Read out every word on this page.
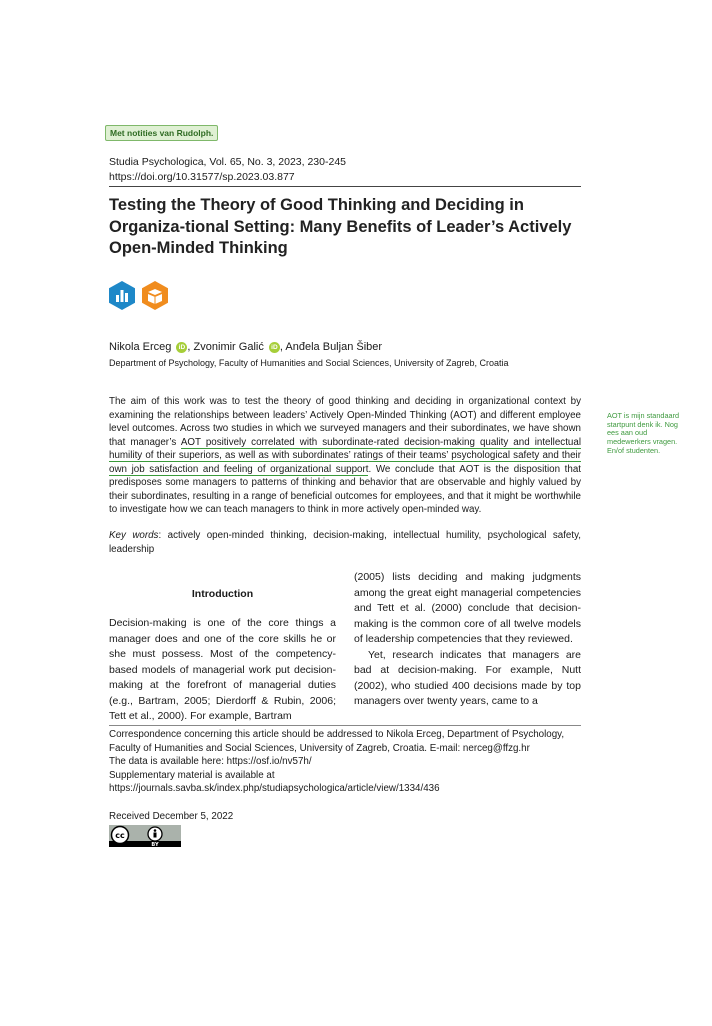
Met notities van Rudolph.
Studia Psychologica, Vol. 65, No. 3, 2023, 230-245
https://doi.org/10.31577/sp.2023.03.877
Testing the Theory of Good Thinking and Deciding in Organiza-tional Setting: Many Benefits of Leader’s Actively Open-Minded Thinking

Nikola Erceg iD , Zvonimir Galić iD , Anđela Buljan Šiber
Department of Psychology, Faculty of Humanities and Social Sciences, University of Zagreb, Croatia

The aim of this work was to test the theory of good thinking and deciding in organizational context by examining the relationships between leaders’ Actively Open-Minded Thinking (AOT) and different employee level outcomes. Across two studies in which we surveyed managers and their subordinates, we have shown that manager’s AOT positively correlated with subordinate-rated decision-making quality and intellectual humility of their superiors, as well as with subordinates’ ratings of their teams’ psychological safety and their own job satisfaction and feeling of organizational support. We conclude that AOT is the disposition that predisposes some managers to patterns of thinking and behavior that are observable and highly valued by their subordinates, resulting in a range of beneficial outcomes for employees, and that it might be worthwhile to investigate how we can teach managers to think in more actively open-minded way.

AOT is mijn standaard startpunt denk ik. Nog ees aan oud medewerkers vragen. En/of studenten.

Key words: actively open-minded thinking, decision-making, intellectual humility, psychological safety, leadership

Introduction

Decision-making is one of the core things a manager does and one of the core skills he or she must possess. Most of the competency-based models of managerial work put decision-making at the forefront of managerial duties (e.g., Bartram, 2005; Dierdorff & Rubin, 2006; Tett et al., 2000). For example, Bartram

(2005) lists deciding and making judgments among the great eight managerial competencies and Tett et al. (2000) conclude that decision-making is the common core of all twelve models of leadership competencies that they reviewed.

Yet, research indicates that managers are bad at decision-making. For example, Nutt (2002), who studied 400 decisions made by top managers over twenty years, came to a

Correspondence concerning this article should be addressed to Nikola Erceg, Department of Psychology, Faculty of Humanities and Social Sciences, University of Zagreb, Croatia. E-mail: nerceg@ffzg.hr
The data is available here: https://osf.io/nv57h/
Supplementary material is available at https://journals.savba.sk/index.php/studiapsychologica/article/view/1334/436
Received December 5, 2022
cc
BY
